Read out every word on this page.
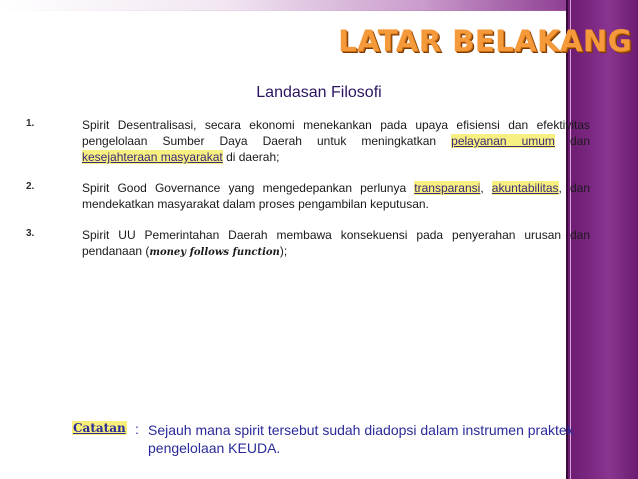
LATAR BELAKANG
Landasan Filosofi
1.	Spirit Desentralisasi, secara ekonomi menekankan pada upaya efisiensi dan efektivitas
pengelolaan Sumber Daya Daerah untuk meningkatkan pelayanan umum dan
kesejahteraan masyarakat di daerah;
2.	Spirit Good Governance yang mengedepankan perlunya transparansi, akuntabilitas, dan
mendekatkan masyarakat dalam proses pengambilan keputusan.
3.	Spirit UU Pemerintahan Daerah membawa konsekuensi pada penyerahan urusan dan
pendanaan (money follows function);
Catatan : Sejauh mana spirit tersebut sudah diadopsi dalam instrumen praktek
pengelolaan KEUDA.
